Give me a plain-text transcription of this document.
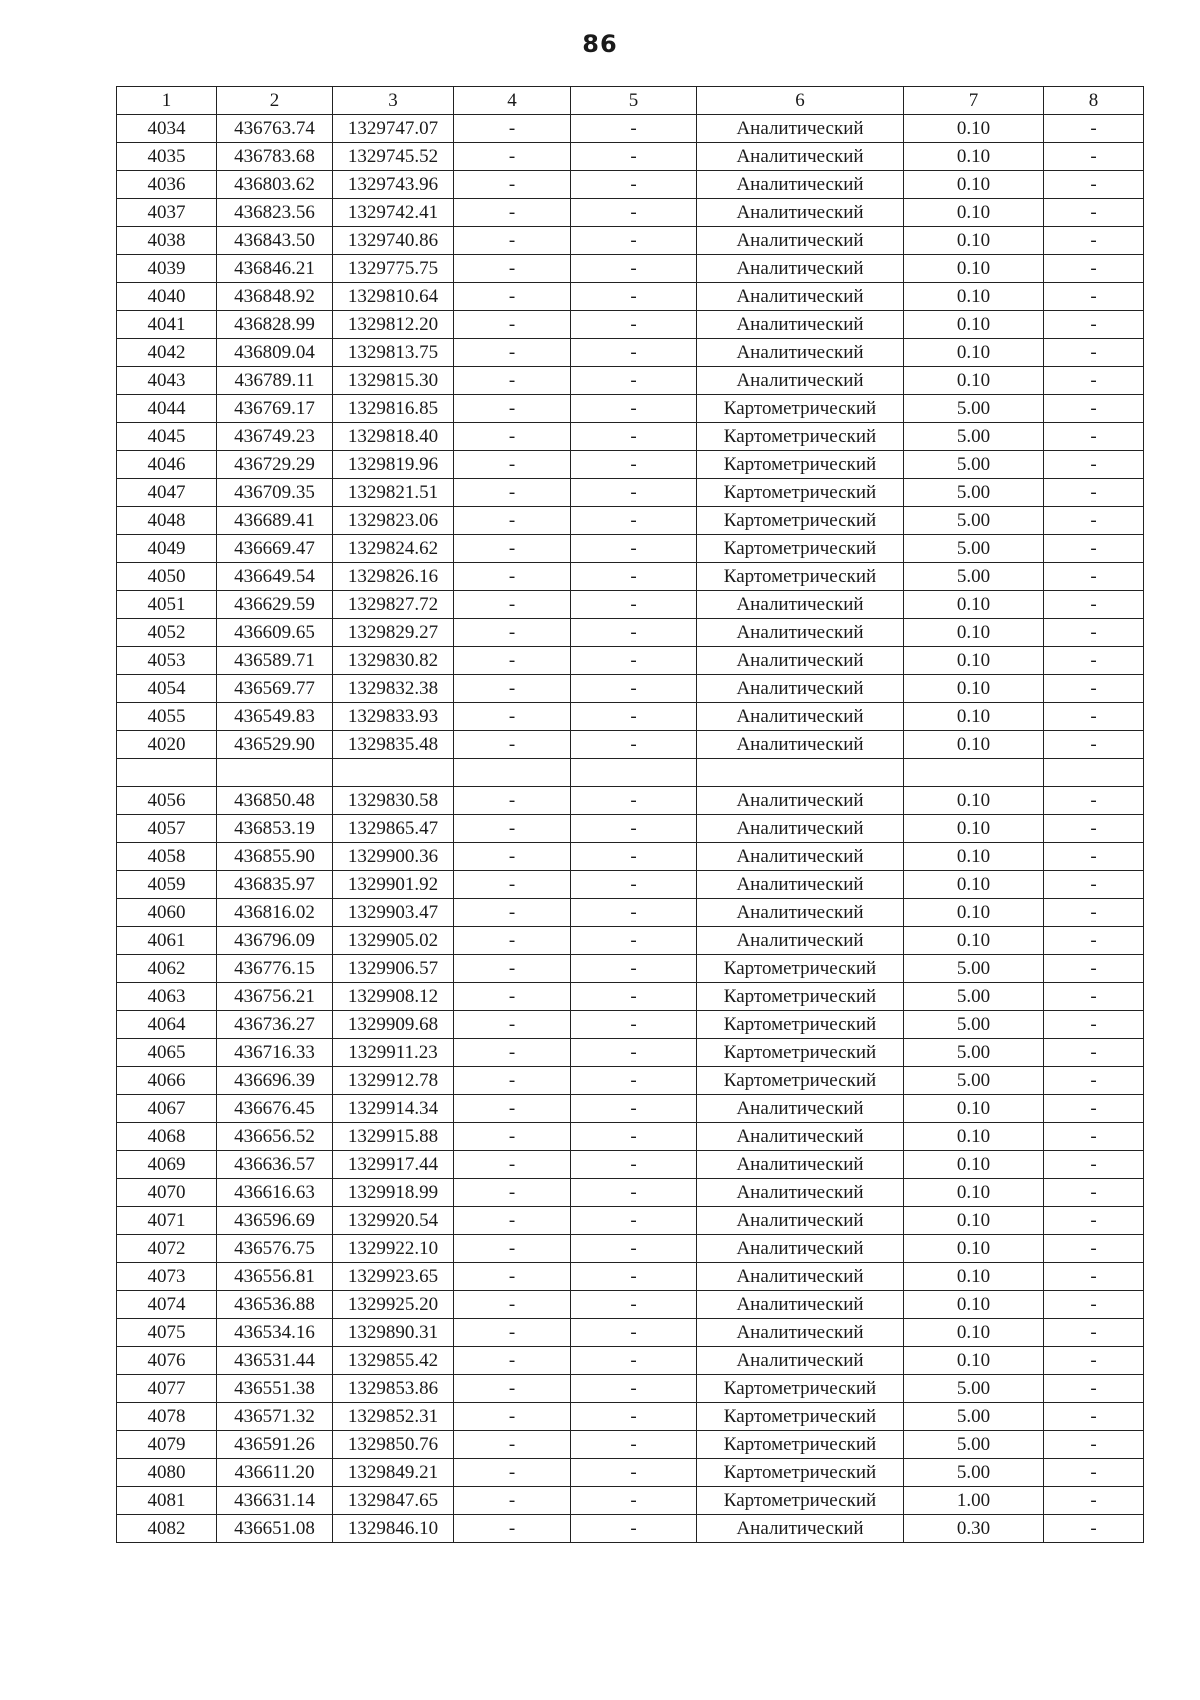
86
1	2	3	4	5	6	7	8
4034	436763.74	1329747.07	-	-	Аналитический	0.10	-
4035	436783.68	1329745.52	-	-	Аналитический	0.10	-
4036	436803.62	1329743.96	-	-	Аналитический	0.10	-
4037	436823.56	1329742.41	-	-	Аналитический	0.10	-
4038	436843.50	1329740.86	-	-	Аналитический	0.10	-
4039	436846.21	1329775.75	-	-	Аналитический	0.10	-
4040	436848.92	1329810.64	-	-	Аналитический	0.10	-
4041	436828.99	1329812.20	-	-	Аналитический	0.10	-
4042	436809.04	1329813.75	-	-	Аналитический	0.10	-
4043	436789.11	1329815.30	-	-	Аналитический	0.10	-
4044	436769.17	1329816.85	-	-	Картометрический	5.00	-
4045	436749.23	1329818.40	-	-	Картометрический	5.00	-
4046	436729.29	1329819.96	-	-	Картометрический	5.00	-
4047	436709.35	1329821.51	-	-	Картометрический	5.00	-
4048	436689.41	1329823.06	-	-	Картометрический	5.00	-
4049	436669.47	1329824.62	-	-	Картометрический	5.00	-
4050	436649.54	1329826.16	-	-	Картометрический	5.00	-
4051	436629.59	1329827.72	-	-	Аналитический	0.10	-
4052	436609.65	1329829.27	-	-	Аналитический	0.10	-
4053	436589.71	1329830.82	-	-	Аналитический	0.10	-
4054	436569.77	1329832.38	-	-	Аналитический	0.10	-
4055	436549.83	1329833.93	-	-	Аналитический	0.10	-
4020	436529.90	1329835.48	-	-	Аналитический	0.10	-

4056	436850.48	1329830.58	-	-	Аналитический	0.10	-
4057	436853.19	1329865.47	-	-	Аналитический	0.10	-
4058	436855.90	1329900.36	-	-	Аналитический	0.10	-
4059	436835.97	1329901.92	-	-	Аналитический	0.10	-
4060	436816.02	1329903.47	-	-	Аналитический	0.10	-
4061	436796.09	1329905.02	-	-	Аналитический	0.10	-
4062	436776.15	1329906.57	-	-	Картометрический	5.00	-
4063	436756.21	1329908.12	-	-	Картометрический	5.00	-
4064	436736.27	1329909.68	-	-	Картометрический	5.00	-
4065	436716.33	1329911.23	-	-	Картометрический	5.00	-
4066	436696.39	1329912.78	-	-	Картометрический	5.00	-
4067	436676.45	1329914.34	-	-	Аналитический	0.10	-
4068	436656.52	1329915.88	-	-	Аналитический	0.10	-
4069	436636.57	1329917.44	-	-	Аналитический	0.10	-
4070	436616.63	1329918.99	-	-	Аналитический	0.10	-
4071	436596.69	1329920.54	-	-	Аналитический	0.10	-
4072	436576.75	1329922.10	-	-	Аналитический	0.10	-
4073	436556.81	1329923.65	-	-	Аналитический	0.10	-
4074	436536.88	1329925.20	-	-	Аналитический	0.10	-
4075	436534.16	1329890.31	-	-	Аналитический	0.10	-
4076	436531.44	1329855.42	-	-	Аналитический	0.10	-
4077	436551.38	1329853.86	-	-	Картометрический	5.00	-
4078	436571.32	1329852.31	-	-	Картометрический	5.00	-
4079	436591.26	1329850.76	-	-	Картометрический	5.00	-
4080	436611.20	1329849.21	-	-	Картометрический	5.00	-
4081	436631.14	1329847.65	-	-	Картометрический	1.00	-
4082	436651.08	1329846.10	-	-	Аналитический	0.30	-
